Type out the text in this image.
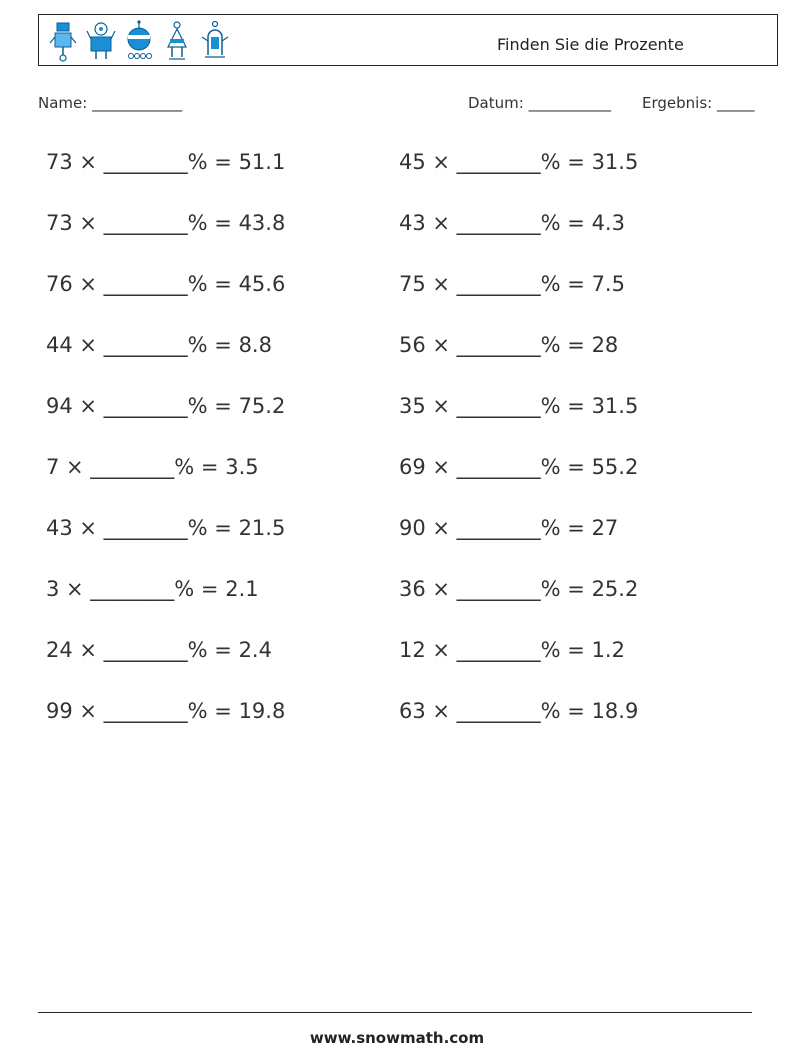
Finden Sie die Prozente
Name: ____________	Datum: ___________ Ergebnis: _____
73 × ________% = 51.1
73 × ________% = 43.8
76 × ________% = 45.6
44 × ________% = 8.8
94 × ________% = 75.2
7 × ________% = 3.5
43 × ________% = 21.5
3 × ________% = 2.1
24 × ________% = 2.4
99 × ________% = 19.8
45 × ________% = 31.5
43 × ________% = 4.3
75 × ________% = 7.5
56 × ________% = 28
35 × ________% = 31.5
69 × ________% = 55.2
90 × ________% = 27
36 × ________% = 25.2
12 × ________% = 1.2
63 × ________% = 18.9
www.snowmath.com
